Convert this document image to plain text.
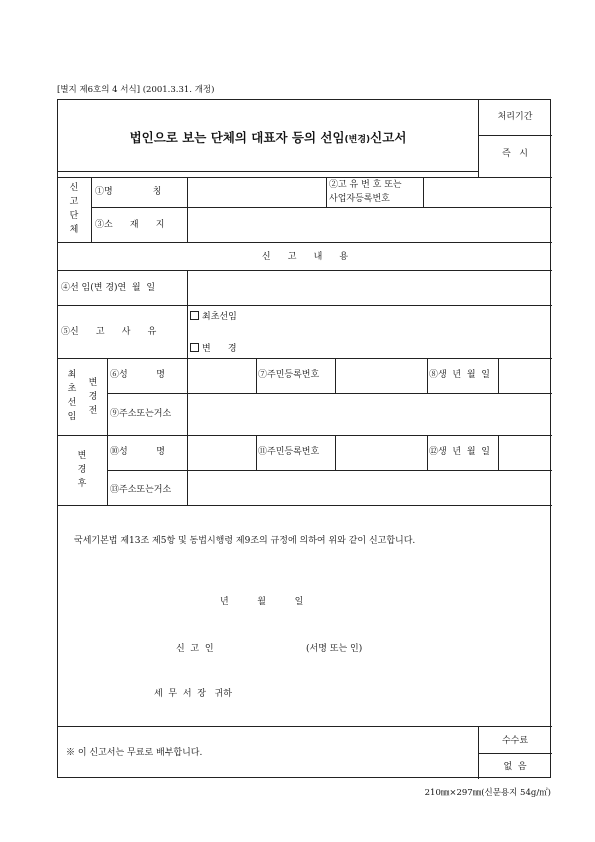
[별지 제6호의 4 서식] (2001.3.31. 개정)
법인으로 보는 단체의 대표자 등의 선임(변경)신고서
처리기간
즉   시
신
고
단
체
①명              칭
②고 유 번 호 또는
사업자등록번호
③소      재      지
신      고      내      용
④선 임(변 경)연  월  일
⑤신      고      사      유
최초선임
변      경
최
초
선
임
변
경
전
⑥성          명	⑦주민등록번호	⑧생  년  월  일
⑨주소또는거소
변
경
후
⑩성          명	⑪주민등록번호	⑫생  년  월  일
⑬주소또는거소
국세기본법 제13조 제5항 및 동법시행령 제9조의 규정에 의하여 위와 같이 신고합니다.
년          월          일
신  고  인	(서명 또는 인)
세  무  서  장   귀하
※ 이 신고서는 무료로 배부합니다.
수수료
없  음
210㎜×297㎜(신문용지 54g/㎡)
